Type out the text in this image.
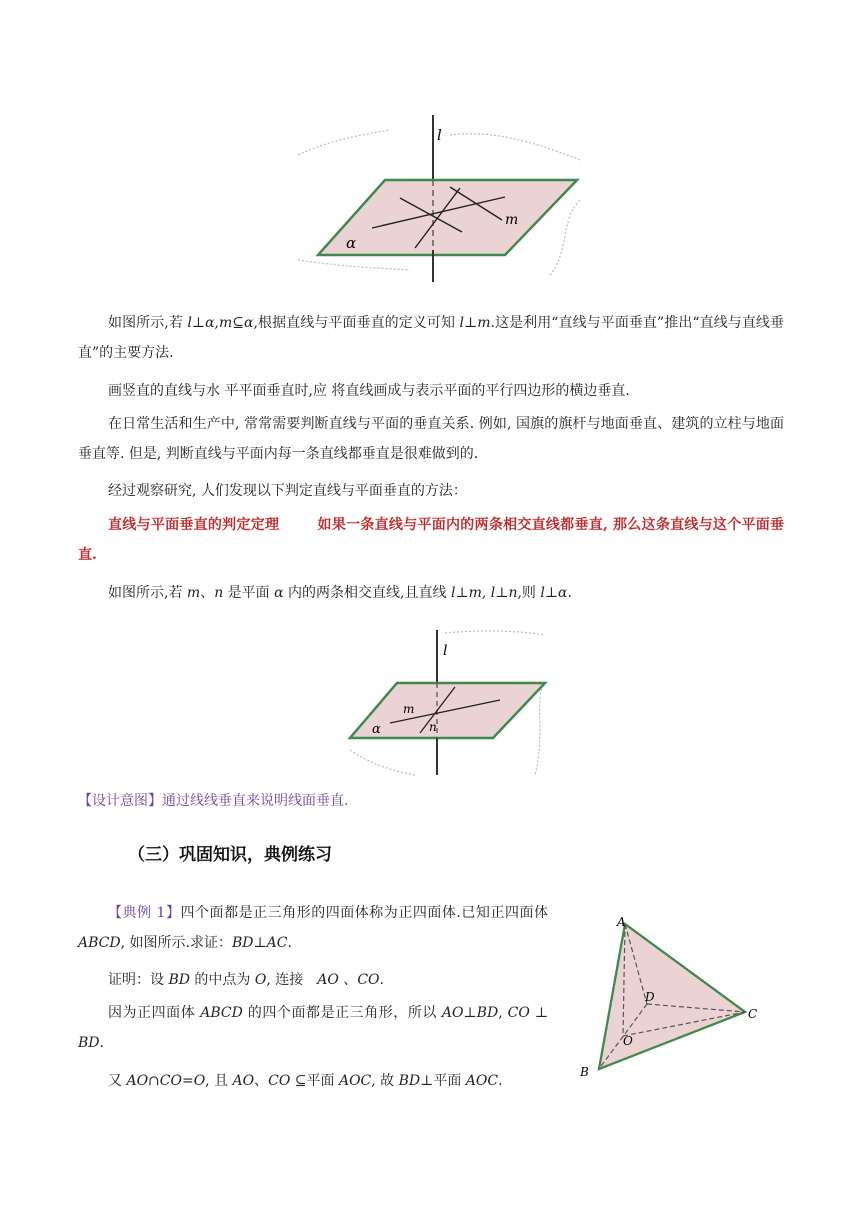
l
m
α
如图所示,若 l⊥α,m⊆α,根据直线与平面垂直的定义可知 l⊥m.这是利用“直线与平面垂直”推出“直线与直线垂直”的主要方法.
画竖直的直线与水 平平面垂直时,应 将直线画成与表示平面的平行四边形的横边垂直.
在日常生活和生产中, 常常需要判断直线与平面的垂直关系. 例如, 国旗的旗杆与地面垂直、建筑的立柱与地面垂直等. 但是, 判断直线与平面内每一条直线都垂直是很难做到的.
经过观察研究, 人们发现以下判定直线与平面垂直的方法：
直线与平面垂直的判定定理	如果一条直线与平面内的两条相交直线都垂直, 那么这条直线与这个平面垂直.
如图所示,若 m、n 是平面 α 内的两条相交直线,且直线 l⊥m, l⊥n,则 l⊥α.
l
m
n
α
【设计意图】通过线线垂直来说明线面垂直.
（三）巩固知识，典例练习
【典例 1】四个面都是正三角形的四面体称为正四面体.已知正四面体 ABCD, 如图所示.求证：BD⊥AC.
证明：设 BD 的中点为 O, 连接　AO 、CO.
因为正四面体 ABCD 的四个面都是正三角形，所以 AO⊥BD, CO ⊥ BD.
又 AO∩CO=O, 且 AO、CO ⊆平面 AOC, 故 BD⊥平面 AOC.
A
B
C
D
O
